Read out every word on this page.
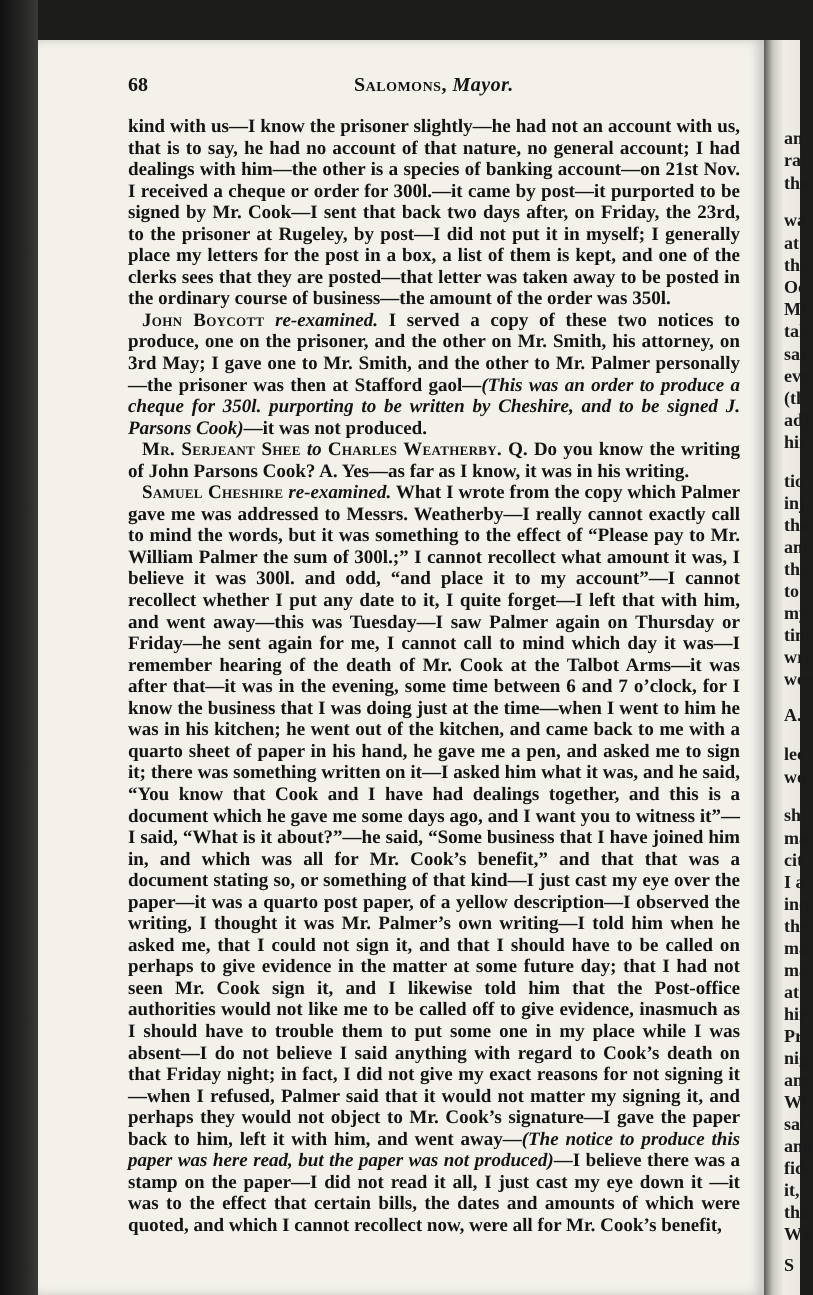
68	Salomons, Mayor.

kind with us—I know the prisoner slightly—he had not an account with us, that is to say, he had no account of that nature, no general account; I had dealings with him—the other is a species of banking account—on 21st Nov. I received a cheque or order for 300l.—it came by post—it purported to be signed by Mr. Cook—I sent that back two days after, on Friday, the 23rd, to the prisoner at Rugeley, by post—I did not put it in myself; I generally place my letters for the post in a box, a list of them is kept, and one of the clerks sees that they are posted—that letter was taken away to be posted in the ordinary course of business—the amount of the order was 350l.

John Boycott re-examined. I served a copy of these two notices to produce, one on the prisoner, and the other on Mr. Smith, his attorney, on 3rd May; I gave one to Mr. Smith, and the other to Mr. Palmer personally —the prisoner was then at Stafford gaol—(This was an order to produce a cheque for 350l. purporting to be written by Cheshire, and to be signed J. Parsons Cook)—it was not produced.

Mr. Serjeant Shee to Charles Weatherby. Q. Do you know the writing of John Parsons Cook? A. Yes—as far as I know, it was in his writing.

Samuel Cheshire re-examined. What I wrote from the copy which Palmer gave me was addressed to Messrs. Weatherby—I really cannot exactly call to mind the words, but it was something to the effect of “Please pay to Mr. William Palmer the sum of 300l.;” I cannot recollect what amount it was, I believe it was 300l. and odd, “and place it to my account”—I cannot recollect whether I put any date to it, I quite forget—I left that with him, and went away—this was Tuesday—I saw Palmer again on Thursday or Friday—he sent again for me, I cannot call to mind which day it was—I remember hearing of the death of Mr. Cook at the Talbot Arms—it was after that—it was in the evening, some time between 6 and 7 o’clock, for I know the business that I was doing just at the time—when I went to him he was in his kitchen; he went out of the kitchen, and came back to me with a quarto sheet of paper in his hand, he gave me a pen, and asked me to sign it; there was something written on it—I asked him what it was, and he said, “You know that Cook and I have had dealings together, and this is a document which he gave me some days ago, and I want you to witness it”—I said, “What is it about?”—he said, “Some business that I have joined him in, and which was all for Mr. Cook’s benefit,” and that that was a document stating so, or something of that kind—I just cast my eye over the paper—it was a quarto post paper, of a yellow description—I observed the writing, I thought it was Mr. Palmer’s own writing—I told him when he asked me, that I could not sign it, and that I should have to be called on perhaps to give evidence in the matter at some future day; that I had not seen Mr. Cook sign it, and I likewise told him that the Post-office authorities would not like me to be called off to give evidence, inasmuch as I should have to trouble them to put some one in my place while I was absent—I do not believe I said anything with regard to Cook’s death on that Friday night; in fact, I did not give my exact reasons for not signing it—when I refused, Palmer said that it would not matter my signing it, and perhaps they would not object to Mr. Cook’s signature—I gave the paper back to him, left it with him, and went away—(The notice to produce this paper was here read, but the paper was not produced)—I believe there was a stamp on the paper—I did not read it all, I just cast my eye down it —it was to the effect that certain bills, the dates and amounts of which were quoted, and which I cannot recollect now, were all for Mr. Cook’s benefit,

an
rat
the
wa
at
tha
Oc
Mr
tak
say
eve
(th
adj
hir
tio
inj
tha
am
the
to
my
tim
wri
wer
A.
lec
wo
shi
ma
cit
I a
inq
the
ma
ma
at
hir
Pr
nig
ans
Wl
sai
and
fide
it,
tha
Wa
S
